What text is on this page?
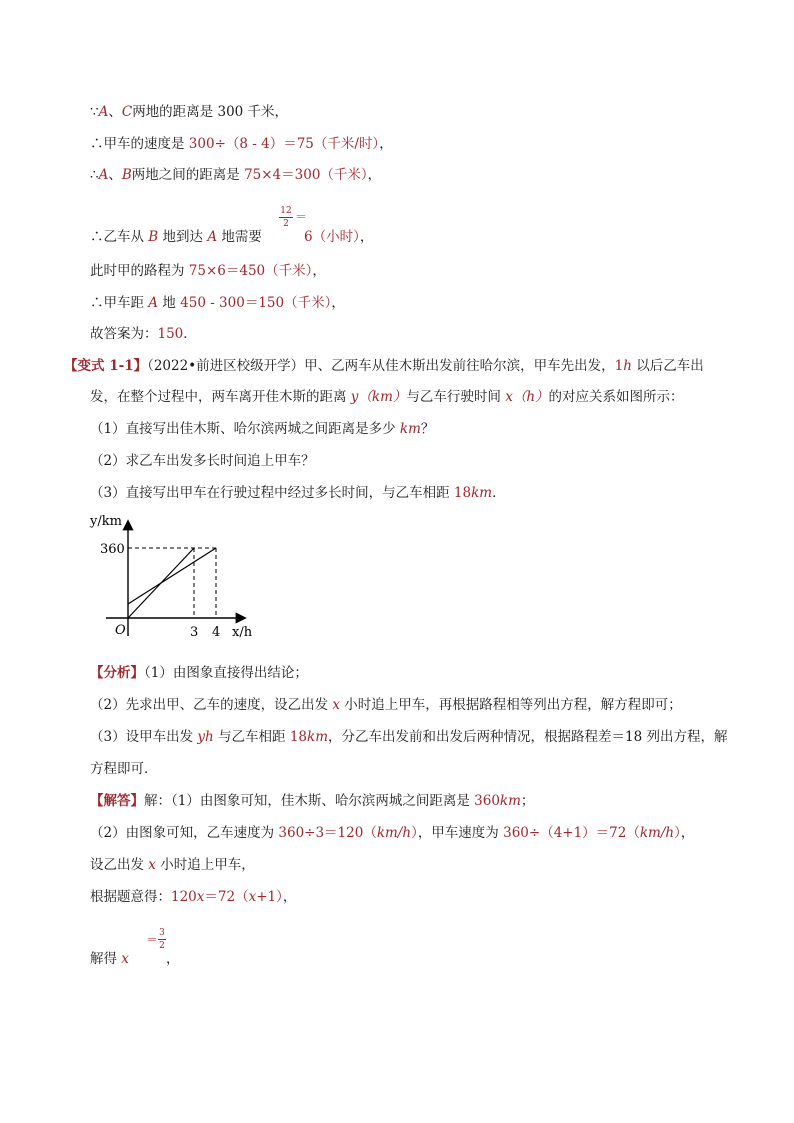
∵A、C两地的距离是 300 千米，
∴甲车的速度是 300÷（8 - 4）＝75（千米/时），
∴A、B两地之间的距离是 75×4＝300（千米），
∴乙车从 B 地到达 A 地需要
12
2 ＝
6（小时），
此时甲的路程为 75×6＝450（千米），
∴甲车距 A 地 450 - 300＝150（千米），
故答案为：150．
【变式 1-1】（2022•前进区校级开学）甲、乙两车从佳木斯出发前往哈尔滨，甲车先出发，1h 以后乙车出
发，在整个过程中，两车离开佳木斯的距离 y（km）与乙车行驶时间 x（h）的对应关系如图所示：
（1）直接写出佳木斯、哈尔滨两城之间距离是多少 km？
（2）求乙车出发多长时间追上甲车？
（3）直接写出甲车在行驶过程中经过多长时间，与乙车相距 18km．
y/km
x/h
O
360
3 4
【分析】（1）由图象直接得出结论；
（2）先求出甲、乙车的速度，设乙出发 x 小时追上甲车，再根据路程相等列出方程，解方程即可；
（3）设甲车出发 yh 与乙车相距 18km，分乙车出发前和出发后两种情况，根据路程差＝18 列出方程，解
方程即可．
【解答】解：（1）由图象可知，佳木斯、哈尔滨两城之间距离是 360km；
（2）由图象可知，乙车速度为 360÷3＝120（km/h），甲车速度为 360÷（4+1）＝72（km/h），
设乙出发 x 小时追上甲车，
根据题意得：120x＝72（x+1），
解得 x
＝ 3
2
，
